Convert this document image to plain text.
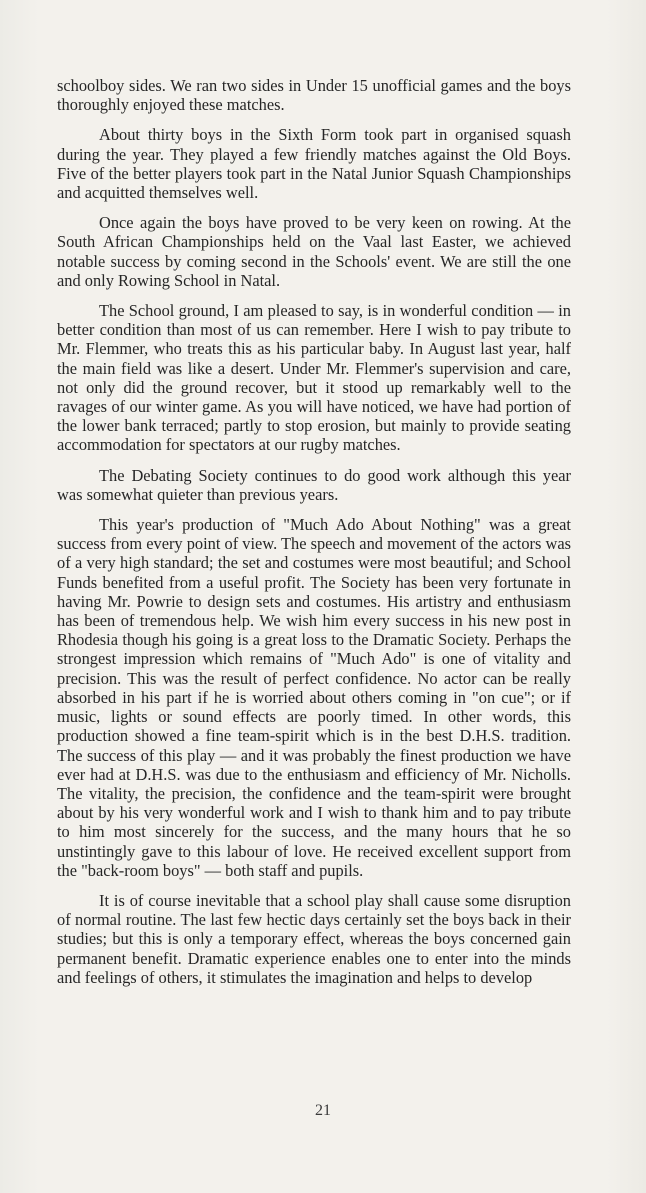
schoolboy sides. We ran two sides in Under 15 unofficial games and the boys thoroughly enjoyed these matches.

About thirty boys in the Sixth Form took part in organised squash during the year. They played a few friendly matches against the Old Boys. Five of the better players took part in the Natal Junior Squash Championships and acquitted themselves well.

Once again the boys have proved to be very keen on rowing. At the South African Championships held on the Vaal last Easter, we achieved notable success by coming second in the Schools' event. We are still the one and only Rowing School in Natal.

The School ground, I am pleased to say, is in wonderful condition — in better condition than most of us can remember. Here I wish to pay tribute to Mr. Flemmer, who treats this as his particular baby. In August last year, half the main field was like a desert. Under Mr. Flemmer's supervision and care, not only did the ground recover, but it stood up remarkably well to the ravages of our winter game. As you will have noticed, we have had portion of the lower bank terraced; partly to stop erosion, but mainly to provide seating accommodation for spectators at our rugby matches.

The Debating Society continues to do good work although this year was somewhat quieter than previous years.

This year's production of "Much Ado About Nothing" was a great success from every point of view. The speech and movement of the actors was of a very high standard; the set and costumes were most beautiful; and School Funds benefited from a useful profit. The Society has been very fortunate in having Mr. Powrie to design sets and costumes. His artistry and enthusiasm has been of tremendous help. We wish him every success in his new post in Rhodesia though his going is a great loss to the Dramatic Society. Perhaps the strongest impression which remains of "Much Ado" is one of vitality and precision. This was the result of perfect confidence. No actor can be really absorbed in his part if he is worried about others coming in "on cue"; or if music, lights or sound effects are poorly timed. In other words, this production showed a fine team-spirit which is in the best D.H.S. tradition. The success of this play — and it was probably the finest production we have ever had at D.H.S. was due to the enthusiasm and efficiency of Mr. Nicholls. The vitality, the precision, the confidence and the team-spirit were brought about by his very wonderful work and I wish to thank him and to pay tribute to him most sincerely for the success, and the many hours that he so unstintingly gave to this labour of love. He received excellent support from the "back-room boys" — both staff and pupils.

It is of course inevitable that a school play shall cause some disruption of normal routine. The last few hectic days certainly set the boys back in their studies; but this is only a temporary effect, whereas the boys concerned gain permanent benefit. Dramatic experience enables one to enter into the minds and feelings of others, it stimulates the imagination and helps to develop

21
